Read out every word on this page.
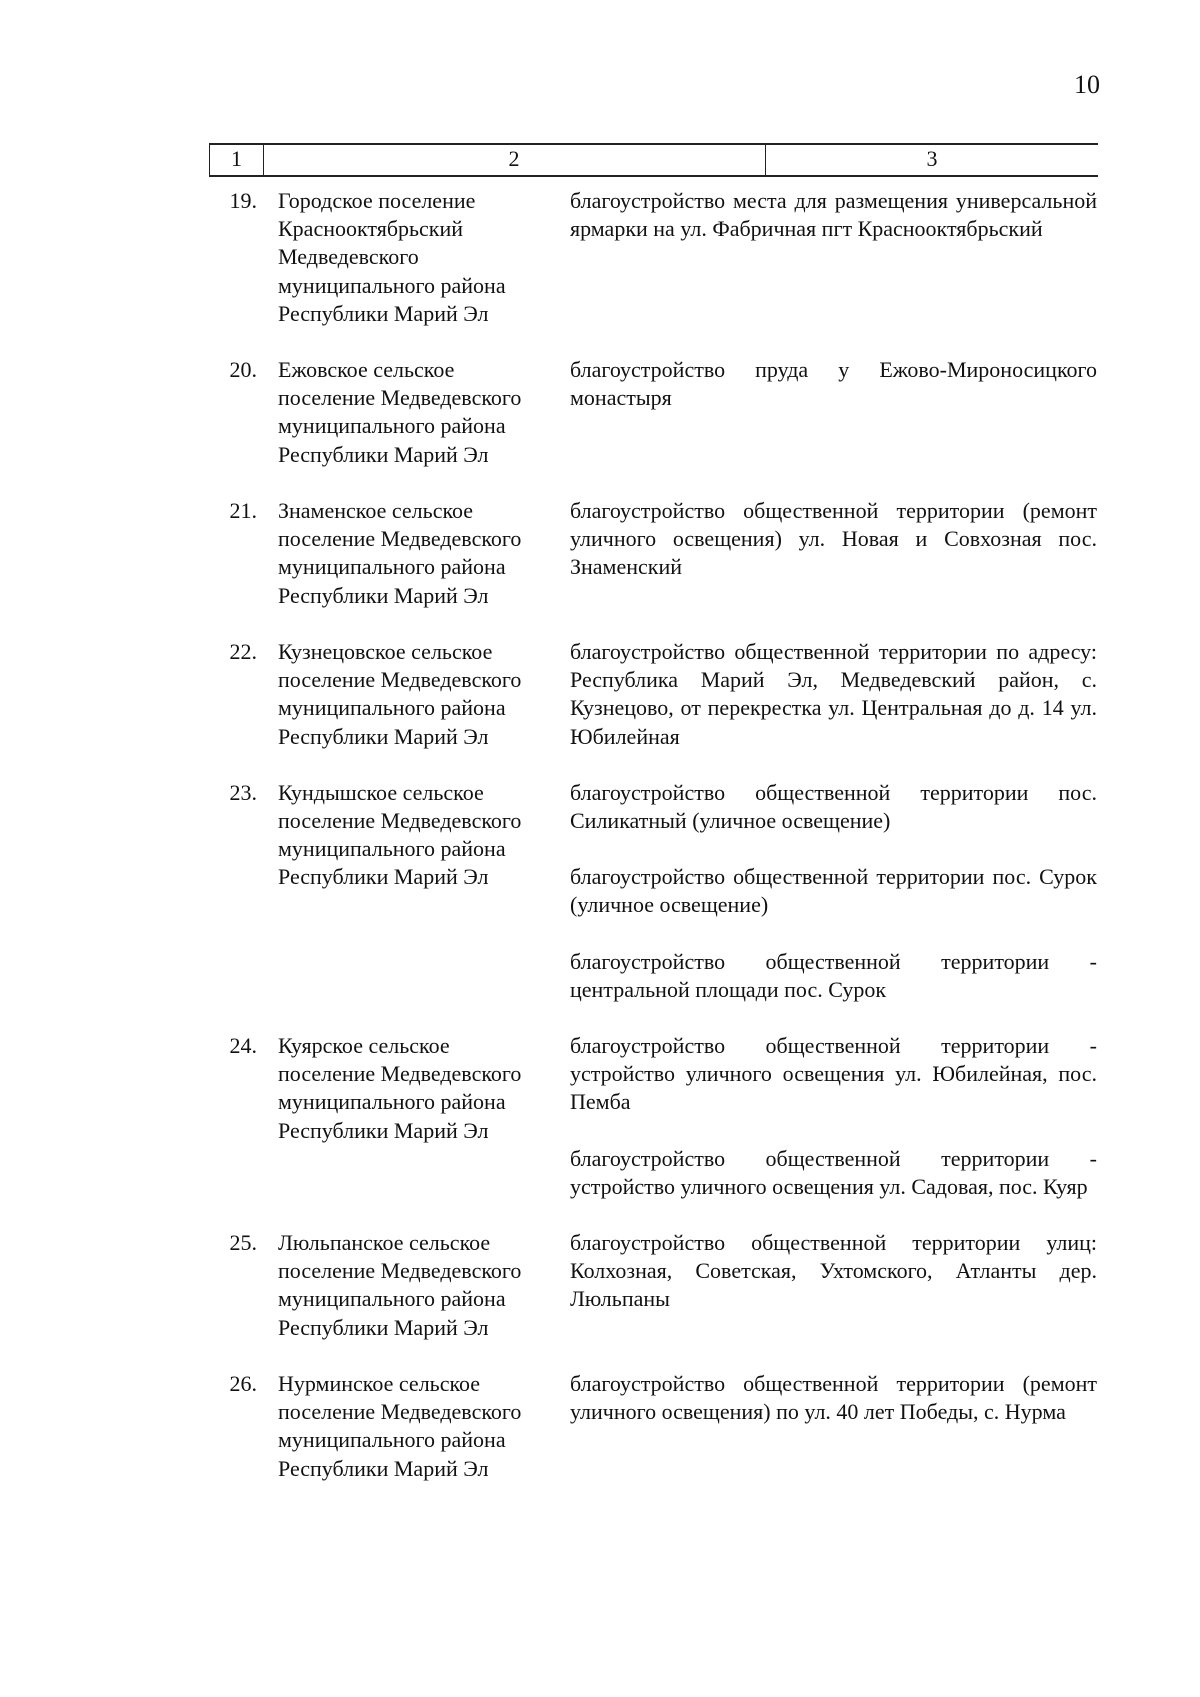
10
1	2	3
19. Городское поселение
Краснооктябрьский
Медведевского
муниципального района
Республики Марий Эл

благоустройство места для размещения универсальной ярмарки на ул. Фабричная пгт Краснооктябрьский

20. Ежовское сельское
поселение Медведевского
муниципального района
Республики Марий Эл

благоустройство пруда у Ежово-Мироносицкого монастыря

21. Знаменское сельское
поселение Медведевского
муниципального района
Республики Марий Эл

благоустройство общественной территории (ремонт уличного освещения) ул. Новая и Совхозная пос. Знаменский

22. Кузнецовское сельское
поселение Медведевского
муниципального района
Республики Марий Эл

благоустройство общественной территории по адресу: Республика Марий Эл, Медведевский район, с. Кузнецово, от перекрестка ул. Центральная до д. 14 ул. Юбилейная

23. Кундышское сельское
поселение Медведевского
муниципального района
Республики Марий Эл

благоустройство общественной территории пос. Силикатный (уличное освещение)

благоустройство общественной территории пос. Сурок (уличное освещение)

благоустройство общественной территории - центральной площади пос. Сурок

24. Куярское сельское
поселение Медведевского
муниципального района
Республики Марий Эл

благоустройство общественной территории - устройство уличного освещения ул. Юбилейная, пос. Пемба

благоустройство общественной территории - устройство уличного освещения ул. Садовая, пос. Куяр

25. Люльпанское сельское
поселение Медведевского
муниципального района
Республики Марий Эл

благоустройство общественной территории улиц: Колхозная, Советская, Ухтомского, Атланты дер. Люльпаны

26. Нурминское сельское
поселение Медведевского
муниципального района
Республики Марий Эл

благоустройство общественной территории (ремонт уличного освещения) по ул. 40 лет Победы, с. Нурма
